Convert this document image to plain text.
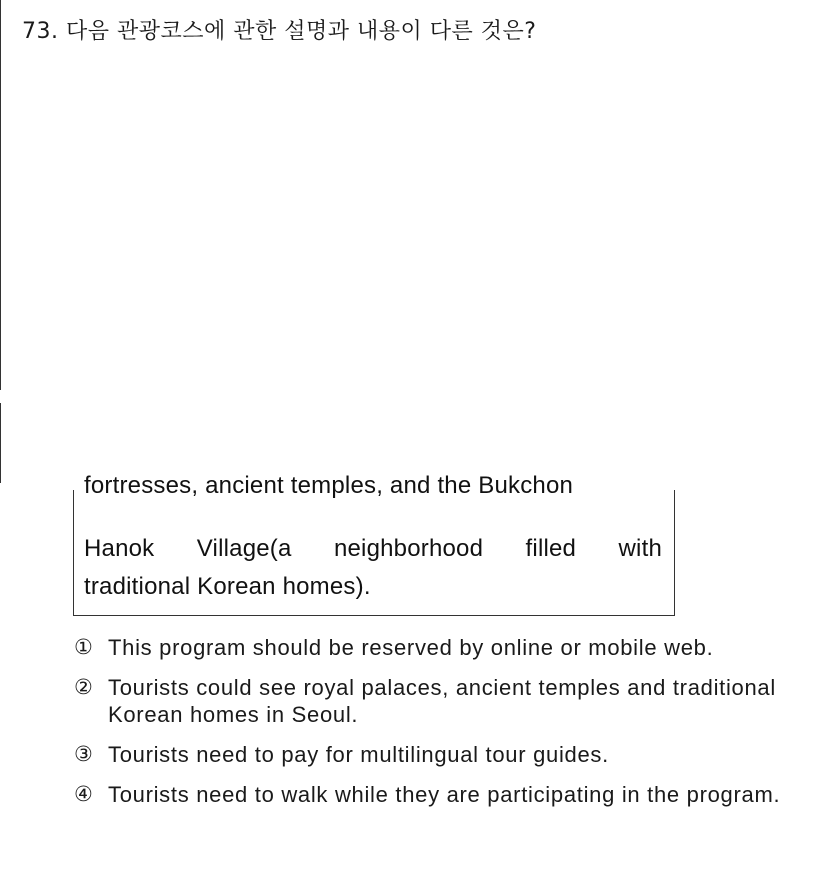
73. 다음 관광코스에 관한 설명과 내용이 다른 것은?
fortresses, ancient temples, and the Bukchon
Hanok Village(a neighborhood filled with
traditional Korean homes).
① This program should be reserved by online or mobile web.
② Tourists could see royal palaces, ancient temples and traditional Korean homes in Seoul.
③ Tourists need to pay for multilingual tour guides.
④ Tourists need to walk while they are participating in the program.
